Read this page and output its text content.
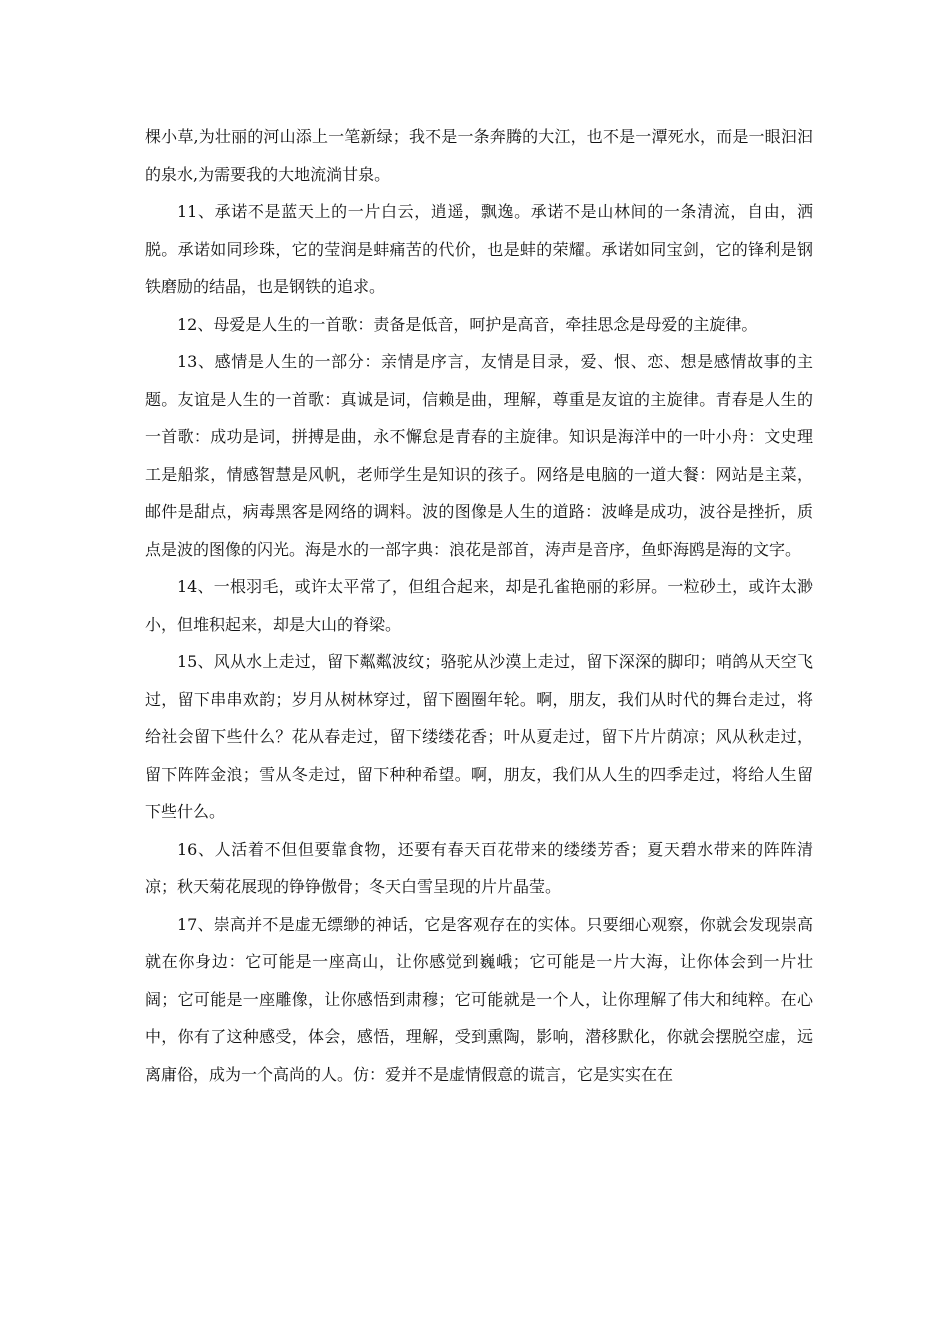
棵小草,为壮丽的河山添上一笔新绿；我不是一条奔腾的大江，也不是一潭死水，而是一眼汩汩的泉水,为需要我的大地流淌甘泉。

11、承诺不是蓝天上的一片白云，逍遥，飘逸。承诺不是山林间的一条清流，自由，洒脱。承诺如同珍珠，它的莹润是蚌痛苦的代价，也是蚌的荣耀。承诺如同宝剑，它的锋利是钢铁磨励的结晶，也是钢铁的追求。

12、母爱是人生的一首歌：责备是低音，呵护是高音，牵挂思念是母爱的主旋律。

13、感情是人生的一部分：亲情是序言，友情是目录，爱、恨、恋、想是感情故事的主题。友谊是人生的一首歌：真诚是词，信赖是曲，理解，尊重是友谊的主旋律。青春是人生的一首歌：成功是词，拼搏是曲，永不懈怠是青春的主旋律。知识是海洋中的一叶小舟：文史理工是船浆，情感智慧是风帆，老师学生是知识的孩子。网络是电脑的一道大餐：网站是主菜，邮件是甜点，病毒黑客是网络的调料。波的图像是人生的道路：波峰是成功，波谷是挫折，质点是波的图像的闪光。海是水的一部字典：浪花是部首，涛声是音序，鱼虾海鸥是海的文字。

14、一根羽毛，或许太平常了，但组合起来，却是孔雀艳丽的彩屏。一粒砂土，或许太渺小，但堆积起来，却是大山的脊梁。

15、风从水上走过，留下粼粼波纹；骆驼从沙漠上走过，留下深深的脚印；哨鸽从天空飞过，留下串串欢韵；岁月从树林穿过，留下圈圈年轮。啊，朋友，我们从时代的舞台走过，将给社会留下些什么？花从春走过，留下缕缕花香；叶从夏走过，留下片片荫凉；风从秋走过，留下阵阵金浪；雪从冬走过，留下种种希望。啊，朋友，我们从人生的四季走过，将给人生留下些什么。

16、人活着不但但要靠食物，还要有春天百花带来的缕缕芳香；夏天碧水带来的阵阵清凉；秋天菊花展现的铮铮傲骨；冬天白雪呈现的片片晶莹。

17、崇高并不是虚无缥缈的神话，它是客观存在的实体。只要细心观察，你就会发现崇高就在你身边：它可能是一座高山，让你感觉到巍峨；它可能是一片大海，让你体会到一片壮阔；它可能是一座雕像，让你感悟到肃穆；它可能就是一个人，让你理解了伟大和纯粹。在心中，你有了这种感受，体会，感悟，理解，受到熏陶，影响，潜移默化，你就会摆脱空虚，远离庸俗，成为一个高尚的人。仿：爱并不是虚情假意的谎言，它是实实在在
